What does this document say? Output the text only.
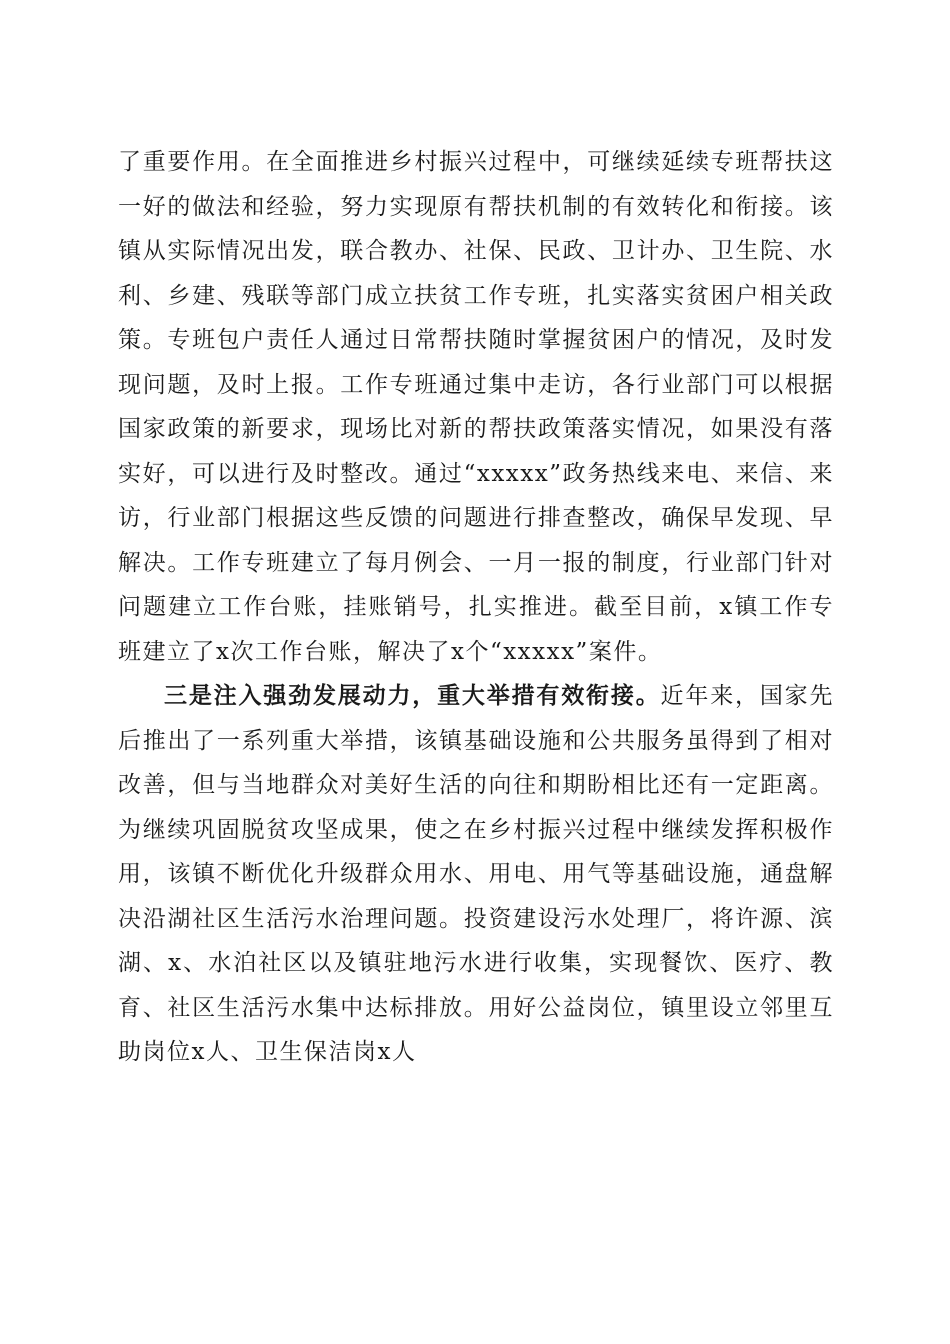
了重要作用。在全面推进乡村振兴过程中，可继续延续专班帮扶这一好的做法和经验，努力实现原有帮扶机制的有效转化和衔接。该镇从实际情况出发，联合教办、社保、民政、卫计办、卫生院、水利、乡建、残联等部门成立扶贫工作专班，扎实落实贫困户相关政策。专班包户责任人通过日常帮扶随时掌握贫困户的情况，及时发现问题，及时上报。工作专班通过集中走访，各行业部门可以根据国家政策的新要求，现场比对新的帮扶政策落实情况，如果没有落实好，可以进行及时整改。通过“xxxxx”政务热线来电、来信、来访，行业部门根据这些反馈的问题进行排查整改，确保早发现、早解决。工作专班建立了每月例会、一月一报的制度，行业部门针对问题建立工作台账，挂账销号，扎实推进。截至目前，x镇工作专班建立了x次工作台账，解决了x个“xxxxx”案件。

三是注入强劲发展动力，重大举措有效衔接。近年来，国家先后推出了一系列重大举措，该镇基础设施和公共服务虽得到了相对改善，但与当地群众对美好生活的向往和期盼相比还有一定距离。为继续巩固脱贫攻坚成果，使之在乡村振兴过程中继续发挥积极作用，该镇不断优化升级群众用水、用电、用气等基础设施，通盘解决沿湖社区生活污水治理问题。投资建设污水处理厂，将许源、滨湖、x、水泊社区以及镇驻地污水进行收集，实现餐饮、医疗、教育、社区生活污水集中达标排放。用好公益岗位，镇里设立邻里互助岗位x人、卫生保洁岗x人
